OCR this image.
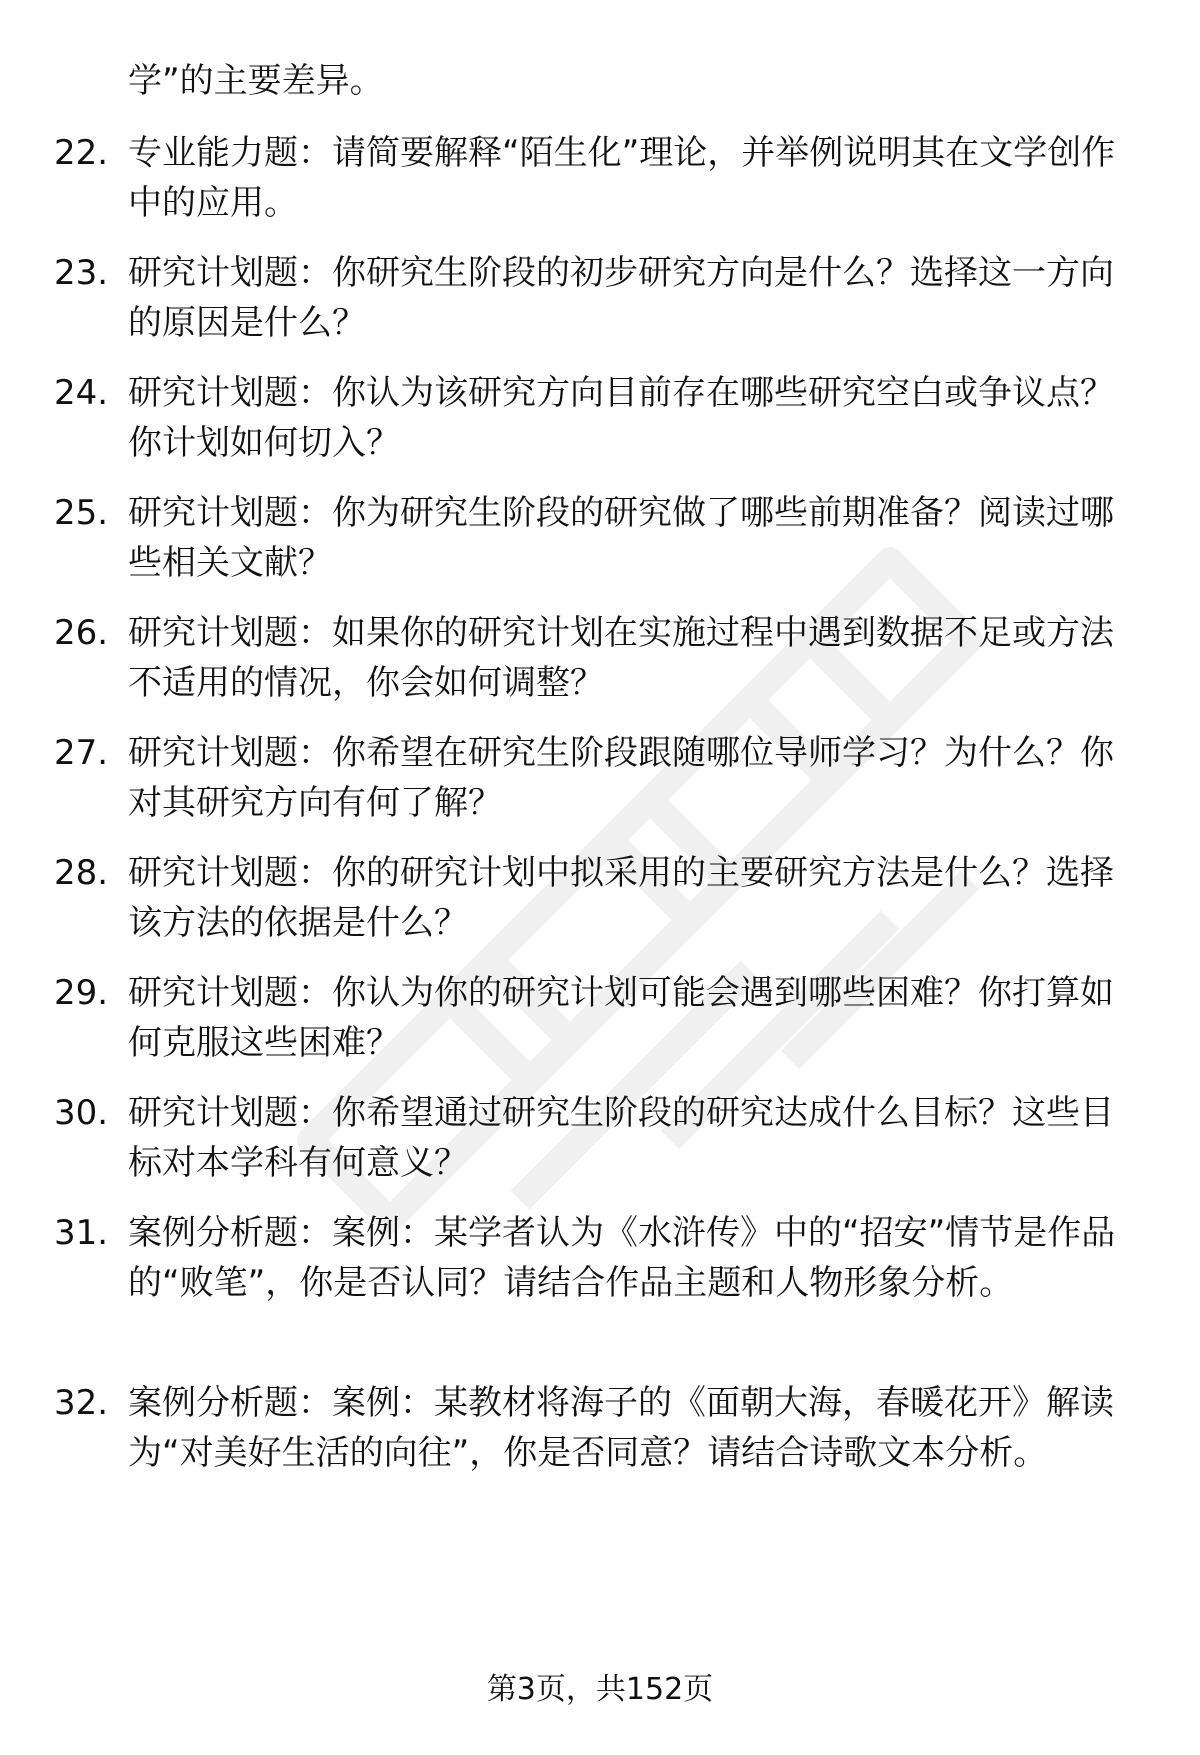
学”的主要差异。
22. 专业能力题：请简要解释“陌生化”理论，并举例说明其在文学创作中的应用。
23. 研究计划题：你研究生阶段的初步研究方向是什么？选择这一方向的原因是什么？
24. 研究计划题：你认为该研究方向目前存在哪些研究空白或争议点？你计划如何切入？
25. 研究计划题：你为研究生阶段的研究做了哪些前期准备？阅读过哪些相关文献？
26. 研究计划题：如果你的研究计划在实施过程中遇到数据不足或方法不适用的情况，你会如何调整？
27. 研究计划题：你希望在研究生阶段跟随哪位导师学习？为什么？你对其研究方向有何了解？
28. 研究计划题：你的研究计划中拟采用的主要研究方法是什么？选择该方法的依据是什么？
29. 研究计划题：你认为你的研究计划可能会遇到哪些困难？你打算如何克服这些困难？
30. 研究计划题：你希望通过研究生阶段的研究达成什么目标？这些目标对本学科有何意义？
31. 案例分析题：案例：某学者认为《水浒传》中的“招安”情节是作品的“败笔”，你是否认同？请结合作品主题和人物形象分析。
32. 案例分析题：案例：某教材将海子的《面朝大海，春暖花开》解读为“对美好生活的向往”，你是否同意？请结合诗歌文本分析。
第3页，共152页
